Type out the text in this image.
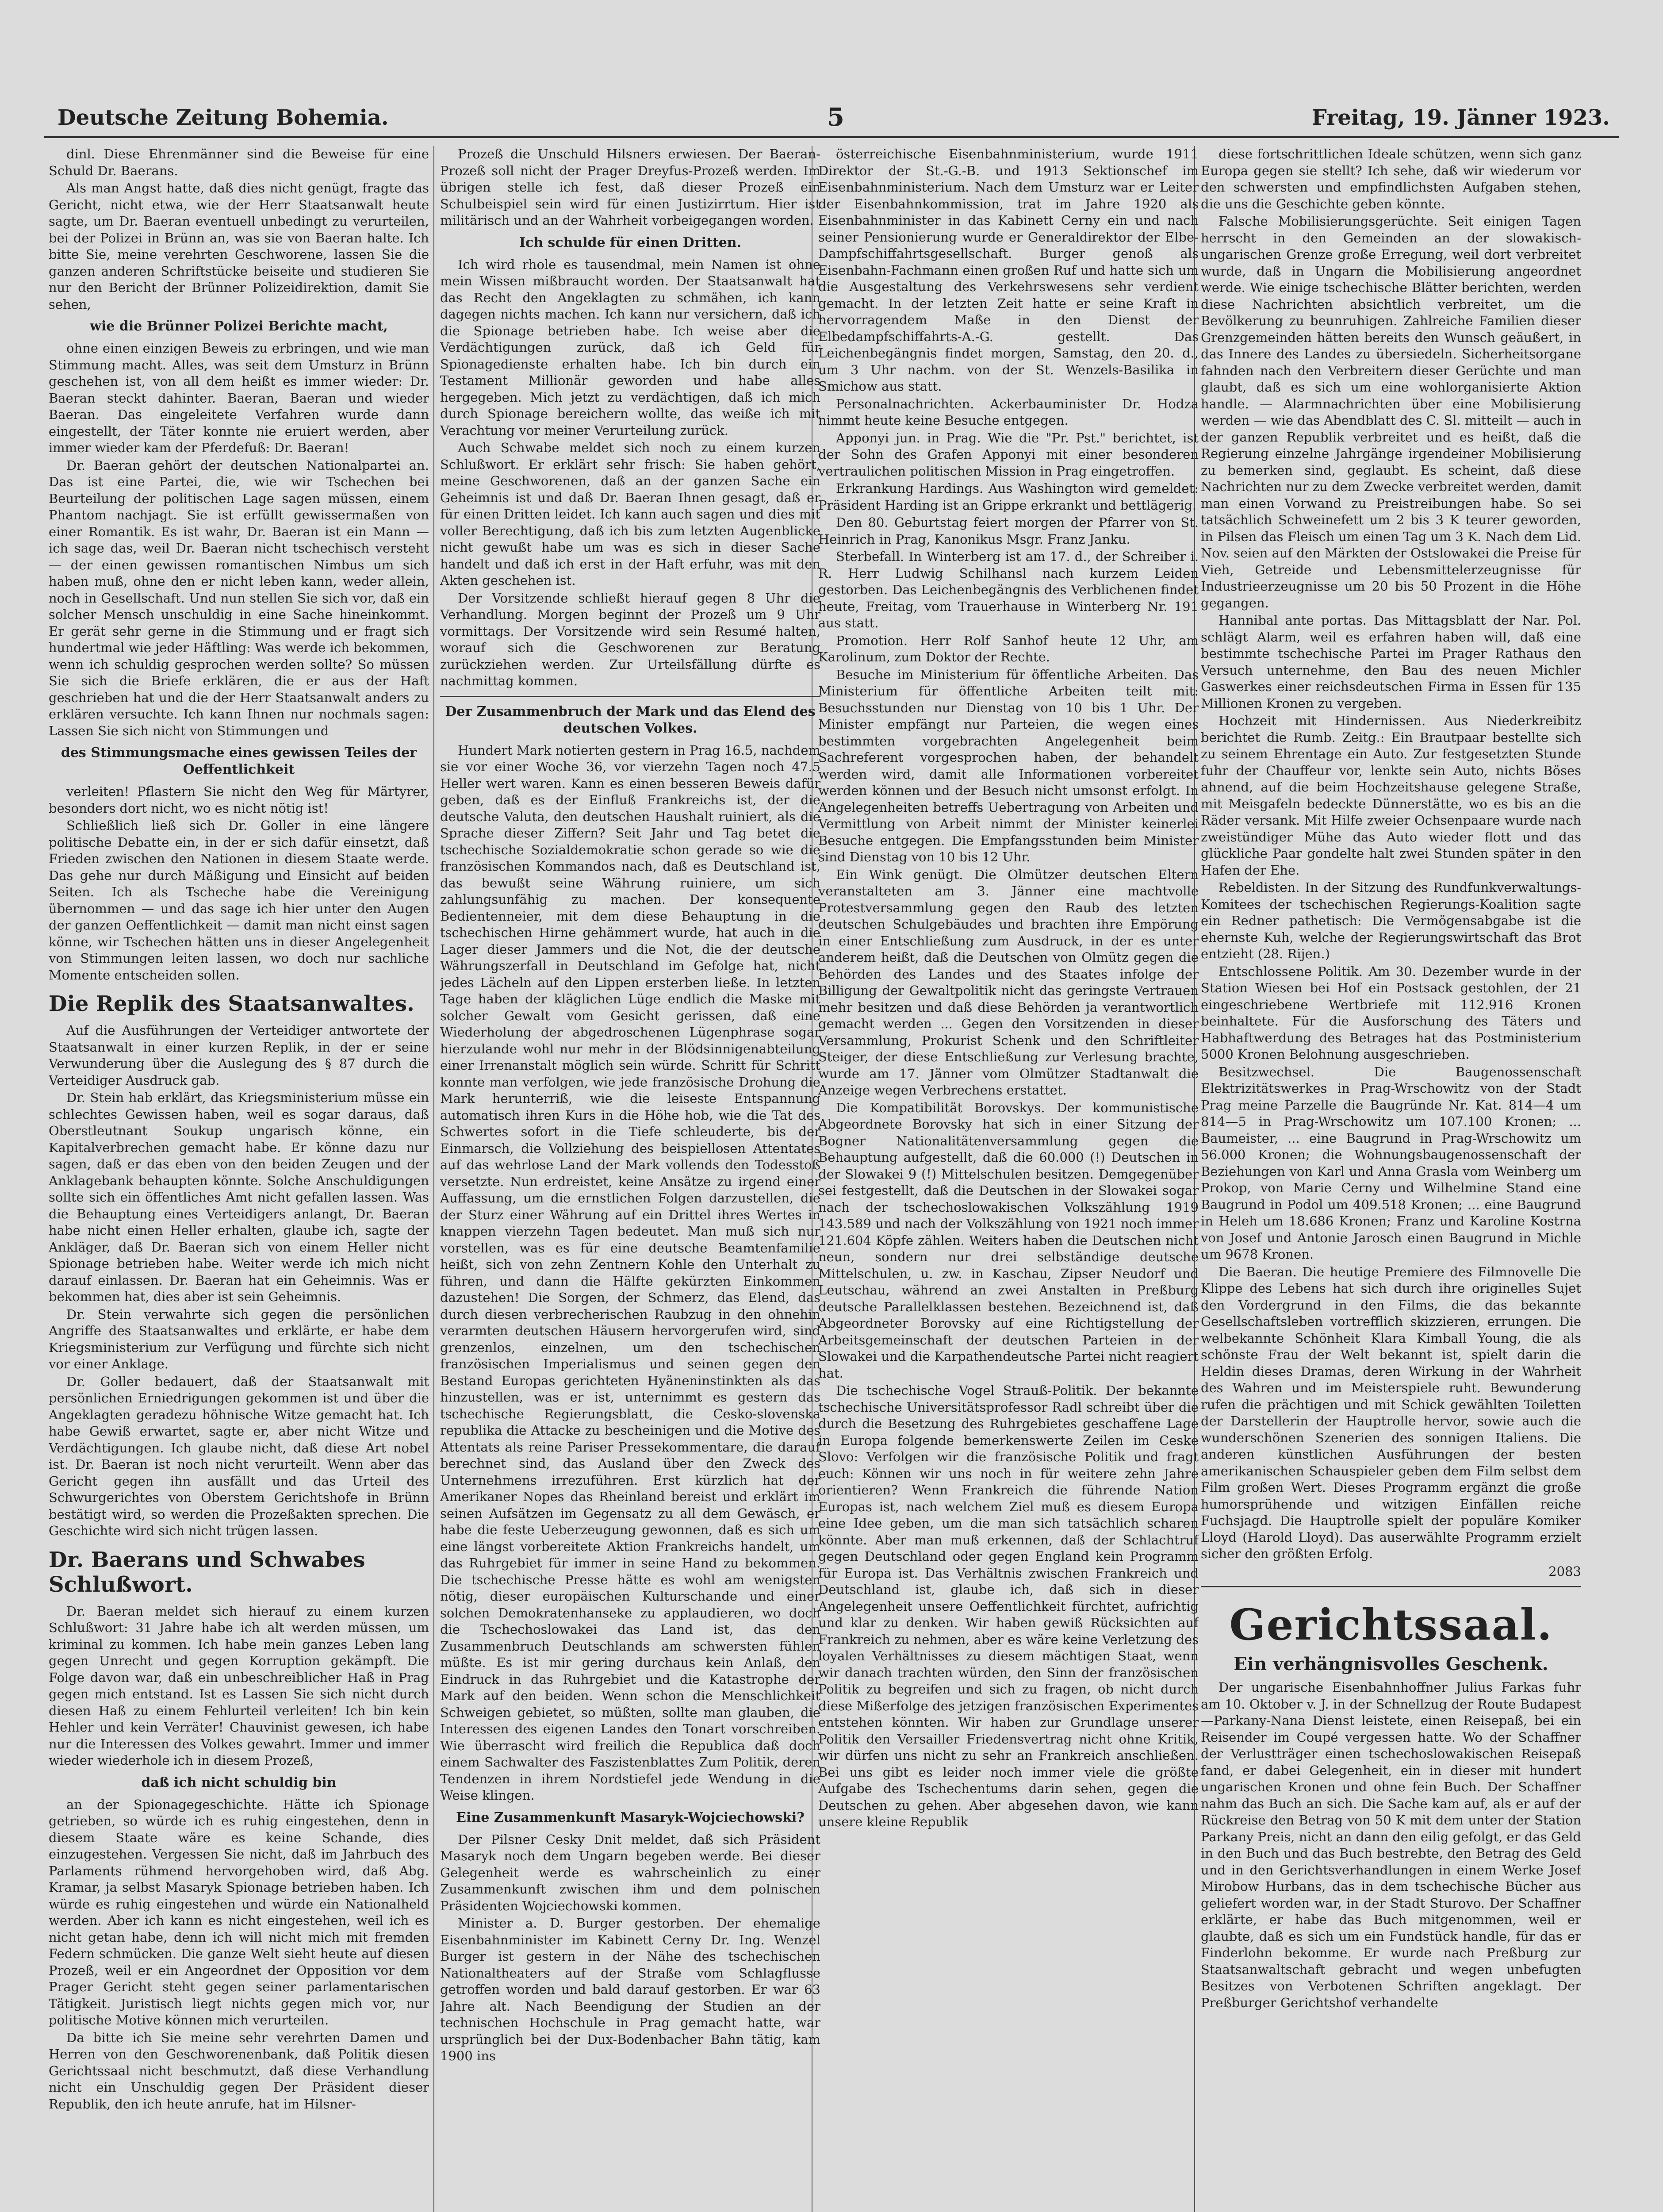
Deutsche Zeitung Bohemia.	5	Freitag, 19. Jänner 1923.

dinl. Diese Ehrenmänner sind die Beweise für eine Schuld Dr. Baerans.

Als man Angst hatte, daß dies nicht genügt, fragte das Gericht, nicht etwa, wie der Herr Staatsanwalt heute sagte, um Dr. Baeran eventuell unbedingt zu verurteilen, bei der Polizei in Brünn an, was sie von Baeran halte. Ich bitte Sie, meine verehrten Geschworene, lassen Sie die ganzen anderen Schriftstücke beiseite und studieren Sie nur den Bericht der Brünner Polizeidirektion, damit Sie sehen,

wie die Brünner Polizei Berichte macht,

ohne einen einzigen Beweis zu erbringen, und wie man Stimmung macht. Alles, was seit dem Umsturz in Brünn geschehen ist, von all dem heißt es immer wieder: Dr. Baeran steckt dahinter. Baeran, Baeran und wieder Baeran. Das eingeleitete Verfahren wurde dann eingestellt, der Täter konnte nie eruiert werden, aber immer wieder kam der Pferdefuß: Dr. Baeran!

Dr. Baeran gehört der deutschen Nationalpartei an. Das ist eine Partei, die, wie wir Tschechen bei Beurteilung der politischen Lage sagen müssen, einem Phantom nachjagt. Sie ist erfüllt gewissermaßen von einer Romantik. Es ist wahr, Dr. Baeran ist ein Mann — ich sage das, weil Dr. Baeran nicht tschechisch versteht — der einen gewissen romantischen Nimbus um sich haben muß, ohne den er nicht leben kann, weder allein, noch in Gesellschaft. Und nun stellen Sie sich vor, daß ein solcher Mensch unschuldig in eine Sache hineinkommt. Er gerät sehr gerne in die Stimmung und er fragt sich hundertmal wie jeder Häftling: Was werde ich bekommen, wenn ich schuldig gesprochen werden sollte? So müssen Sie sich die Briefe erklären, die er aus der Haft geschrieben hat und die der Herr Staatsanwalt anders zu erklären versuchte. Ich kann Ihnen nur nochmals sagen: Lassen Sie sich nicht von Stimmungen und

des Stimmungsmache eines gewissen Teiles der Oeffentlichkeit

verleiten! Pflastern Sie nicht den Weg für Märtyrer, besonders dort nicht, wo es nicht nötig ist!

Schließlich ließ sich Dr. Goller in eine längere politische Debatte ein, in der er sich dafür einsetzt, daß Frieden zwischen den Nationen in diesem Staate werde. Das gehe nur durch Mäßigung und Einsicht auf beiden Seiten. Ich als Tscheche habe die Vereinigung übernommen — und das sage ich hier unter den Augen der ganzen Oeffentlichkeit — damit man nicht einst sagen könne, wir Tschechen hätten uns in dieser Angelegenheit von Stimmungen leiten lassen, wo doch nur sachliche Momente entscheiden sollen.

Die Replik des Staatsanwaltes.

Auf die Ausführungen der Verteidiger antwortete der Staatsanwalt in einer kurzen Replik, in der er seine Verwunderung über die Auslegung des § 87 durch die Verteidiger Ausdruck gab.

Dr. Stein hab erklärt, das Kriegsministerium müsse ein schlechtes Gewissen haben, weil es sogar daraus, daß Oberstleutnant Soukup ungarisch könne, ein Kapitalverbrechen gemacht habe. Er könne dazu nur sagen, daß er das eben von den beiden Zeugen und der Anklagebank behaupten könnte. Solche Anschuldigungen sollte sich ein öffentliches Amt nicht gefallen lassen. Was die Behauptung eines Verteidigers anlangt, Dr. Baeran habe nicht einen Heller erhalten, glaube ich, sagte der Ankläger, daß Dr. Baeran sich von einem Heller nicht Spionage betrieben habe. Weiter werde ich mich nicht darauf einlassen. Dr. Baeran hat ein Geheimnis. Was er bekommen hat, dies aber ist sein Geheimnis.

Dr. Stein verwahrte sich gegen die persönlichen Angriffe des Staatsanwaltes und erklärte, er habe dem Kriegsministerium zur Verfügung und fürchte sich nicht vor einer Anklage.

Dr. Goller bedauert, daß der Staatsanwalt mit persönlichen Erniedrigungen gekommen ist und über die Angeklagten geradezu höhnische Witze gemacht hat. Ich habe Gewiß erwartet, sagte er, aber nicht Witze und Verdächtigungen. Ich glaube nicht, daß diese Art nobel ist. Dr. Baeran ist noch nicht verurteilt. Wenn aber das Gericht gegen ihn ausfällt und das Urteil des Schwurgerichtes von Oberstem Gerichtshofe in Brünn bestätigt wird, so werden die Prozeßakten sprechen. Die Geschichte wird sich nicht trügen lassen.

Dr. Baerans und Schwabes Schlußwort.

Dr. Baeran meldet sich hierauf zu einem kurzen Schlußwort: 31 Jahre habe ich alt werden müssen, um kriminal zu kommen. Ich habe mein ganzes Leben lang gegen Unrecht und gegen Korruption gekämpft. Die Folge davon war, daß ein unbeschreiblicher Haß in Prag gegen mich entstand. Ist es Lassen Sie sich nicht durch diesen Haß zu einem Fehlurteil verleiten! Ich bin kein Hehler und kein Verräter! Chauvinist gewesen, ich habe nur die Interessen des Volkes gewahrt. Immer und immer wieder wiederhole ich in diesem Prozeß,

daß ich nicht schuldig bin

an der Spionagegeschichte. Hätte ich Spionage getrieben, so würde ich es ruhig eingestehen, denn in diesem Staate wäre es keine Schande, dies einzugestehen. Vergessen Sie nicht, daß im Jahrbuch des Parlaments rühmend hervorgehoben wird, daß Abg. Kramar, ja selbst Masaryk Spionage betrieben haben. Ich würde es ruhig eingestehen und würde ein Nationalheld werden. Aber ich kann es nicht eingestehen, weil ich es nicht getan habe, denn ich will nicht mich mit fremden Federn schmücken. Die ganze Welt sieht heute auf diesen Prozeß, weil er ein Angeordnet der Opposition vor dem Prager Gericht steht gegen seiner parlamentarischen Tätigkeit. Juristisch liegt nichts gegen mich vor, nur politische Motive können mich verurteilen.

Da bitte ich Sie meine sehr verehrten Damen und Herren von den Geschworenenbank, daß Politik diesen Gerichtssaal nicht beschmutzt, daß diese Verhandlung nicht ein Unschuldig gegen Der Präsident dieser Republik, den ich heute anrufe, hat im Hilsner-

Prozeß die Unschuld Hilsners erwiesen. Der Baeran-Prozeß soll nicht der Prager Dreyfus-Prozeß werden. Im übrigen stelle ich fest, daß dieser Prozeß ein Schulbeispiel sein wird für einen Justizirrtum. Hier ist militärisch und an der Wahrheit vorbeigegangen worden.

Ich schulde für einen Dritten.

Ich wird rhole es tausendmal, mein Namen ist ohne mein Wissen mißbraucht worden. Der Staatsanwalt hat das Recht den Angeklagten zu schmähen, ich kann dagegen nichts machen. Ich kann nur versichern, daß ich die Spionage betrieben habe. Ich weise aber die Verdächtigungen zurück, daß ich Geld für Spionagedienste erhalten habe. Ich bin durch ein Testament Millionär geworden und habe alles hergegeben. Mich jetzt zu verdächtigen, daß ich mich durch Spionage bereichern wollte, das weiße ich mit Verachtung vor meiner Verurteilung zurück.

Auch Schwabe meldet sich noch zu einem kurzen Schlußwort. Er erklärt sehr frisch: Sie haben gehört, meine Geschworenen, daß an der ganzen Sache ein Geheimnis ist und daß Dr. Baeran Ihnen gesagt, daß er für einen Dritten leidet. Ich kann auch sagen und dies mit voller Berechtigung, daß ich bis zum letzten Augenblicke nicht gewußt habe um was es sich in dieser Sache handelt und daß ich erst in der Haft erfuhr, was mit den Akten geschehen ist.

Der Vorsitzende schließt hierauf gegen 8 Uhr die Verhandlung. Morgen beginnt der Prozeß um 9 Uhr vormittags. Der Vorsitzende wird sein Resumé halten, worauf sich die Geschworenen zur Beratung zurückziehen werden. Zur Urteilsfällung dürfte es nachmittag kommen.

Der Zusammenbruch der Mark und das Elend des deutschen Volkes.

Hundert Mark notierten gestern in Prag 16.5, nachdem sie vor einer Woche 36, vor vierzehn Tagen noch 47.5 Heller wert waren. Kann es einen besseren Beweis dafür geben, daß es der Einfluß Frankreichs ist, der die deutsche Valuta, den deutschen Haushalt ruiniert, als die Sprache dieser Ziffern? Seit Jahr und Tag betet die tschechische Sozialdemokratie schon gerade so wie die französischen Kommandos nach, daß es Deutschland ist, das bewußt seine Währung ruiniere, um sich zahlungsunfähig zu machen. Der konsequente Bedientenneier, mit dem diese Behauptung in die tschechischen Hirne gehämmert wurde, hat auch in die Lager dieser Jammers und die Not, die der deutsche Währungszerfall in Deutschland im Gefolge hat, nicht jedes Lächeln auf den Lippen ersterben ließe. In letzten Tage haben der kläglichen Lüge endlich die Maske mit solcher Gewalt vom Gesicht gerissen, daß eine Wiederholung der abgedroschenen Lügenphrase sogar hierzulande wohl nur mehr in der Blödsinnigenabteilung einer Irrenanstalt möglich sein würde. Schritt für Schritt konnte man verfolgen, wie jede französische Drohung die Mark herunterriß, wie die leiseste Entspannung automatisch ihren Kurs in die Höhe hob, wie die Tat des Schwertes sofort in die Tiefe schleuderte, bis der Einmarsch, die Vollziehung des beispiellosen Attentates auf das wehrlose Land der Mark vollends den Todesstoß versetzte. Nun erdreistet, keine Ansätze zu irgend einer Auffassung, um die ernstlichen Folgen darzustellen, die der Sturz einer Währung auf ein Drittel ihres Wertes in knappen vierzehn Tagen bedeutet. Man muß sich nur vorstellen, was es für eine deutsche Beamtenfamilie heißt, sich von zehn Zentnern Kohle den Unterhalt zu führen, und dann die Hälfte gekürzten Einkommen dazustehen! Die Sorgen, der Schmerz, das Elend, das durch diesen verbrecherischen Raubzug in den ohnehin verarmten deutschen Häusern hervorgerufen wird, sind grenzenlos, einzelnen, um den tschechischen französischen Imperialismus und seinen gegen den Bestand Europas gerichteten Hyäneninstinkten als das hinzustellen, was er ist, unternimmt es gestern das tschechische Regierungsblatt, die Cesko-slovenska republika die Attacke zu bescheinigen und die Motive des Attentats als reine Pariser Pressekommentare, die darauf berechnet sind, das Ausland über den Zweck des Unternehmens irrezuführen. Erst kürzlich hat der Amerikaner Nopes das Rheinland bereist und erklärt im seinen Aufsätzen im Gegensatz zu all dem Gewäsch, er habe die feste Ueberzeugung gewonnen, daß es sich um eine längst vorbereitete Aktion Frankreichs handelt, um das Ruhrgebiet für immer in seine Hand zu bekommen. Die tschechische Presse hätte es wohl am wenigsten nötig, dieser europäischen Kulturschande und einer solchen Demokratenhanseke zu applaudieren, wo doch die Tschechoslowakei das Land ist, das den Zusammenbruch Deutschlands am schwersten fühlen müßte. Es ist mir gering durchaus kein Anlaß, den Eindruck in das Ruhrgebiet und die Katastrophe der Mark auf den beiden. Wenn schon die Menschlichkeit Schweigen gebietet, so müßten, sollte man glauben, die Interessen des eigenen Landes den Tonart vorschreiben. Wie überrascht wird freilich die Republica daß doch einem Sachwalter des Faszistenblattes Zum Politik, deren Tendenzen in ihrem Nordstiefel jede Wendung in die Weise klingen.

Eine Zusammenkunft Masaryk-Wojciechowski?

Der Pilsner Cesky Dnit meldet, daß sich Präsident Masaryk noch dem Ungarn begeben werde. Bei dieser Gelegenheit werde es wahrscheinlich zu einer Zusammenkunft zwischen ihm und dem polnischen Präsidenten Wojciechowski kommen.

Minister a. D. Burger gestorben. Der ehemalige Eisenbahnminister im Kabinett Cerny Dr. Ing. Wenzel Burger ist gestern in der Nähe des tschechischen Nationaltheaters auf der Straße vom Schlagflusse getroffen worden und bald darauf gestorben. Er war 63 Jahre alt. Nach Beendigung der Studien an der technischen Hochschule in Prag gemacht hatte, war ursprünglich bei der Dux-Bodenbacher Bahn tätig, kam 1900 ins

österreichische Eisenbahnministerium, wurde 1911 Direktor der St.-G.-B. und 1913 Sektionschef im Eisenbahnministerium. Nach dem Umsturz war er Leiter der Eisenbahnkommission, trat im Jahre 1920 als Eisenbahnminister in das Kabinett Cerny ein und nach seiner Pensionierung wurde er Generaldirektor der Elbe-Dampfschiffahrtsgesellschaft. Burger genoß als Eisenbahn-Fachmann einen großen Ruf und hatte sich um die Ausgestaltung des Verkehrswesens sehr verdient gemacht. In der letzten Zeit hatte er seine Kraft in hervorragendem Maße in den Dienst der Elbedampfschiffahrts-A.-G. gestellt. Das Leichenbegängnis findet morgen, Samstag, den 20. d., um 3 Uhr nachm. von der St. Wenzels-Basilika in Smichow aus statt.

Personalnachrichten. Ackerbauminister Dr. Hodza nimmt heute keine Besuche entgegen.

Apponyi jun. in Prag. Wie die "Pr. Pst." berichtet, ist der Sohn des Grafen Apponyi mit einer besonderen vertraulichen politischen Mission in Prag eingetroffen.

Erkrankung Hardings. Aus Washington wird gemeldet: Präsident Harding ist an Grippe erkrankt und bettlägerig.

Den 80. Geburtstag feiert morgen der Pfarrer von St. Heinrich in Prag, Kanonikus Msgr. Franz Janku.

Sterbefall. In Winterberg ist am 17. d., der Schreiber i. R. Herr Ludwig Schilhansl nach kurzem Leiden gestorben. Das Leichenbegängnis des Verblichenen findet heute, Freitag, vom Trauerhause in Winterberg Nr. 191 aus statt.

Promotion. Herr Rolf Sanhof heute 12 Uhr, am Karolinum, zum Doktor der Rechte.

Besuche im Ministerium für öffentliche Arbeiten. Das Ministerium für öffentliche Arbeiten teilt mit: Besuchsstunden nur Dienstag von 10 bis 1 Uhr. Der Minister empfängt nur Parteien, die wegen eines bestimmten vorgebrachten Angelegenheit beim Sachreferent vorgesprochen haben, der behandelt werden wird, damit alle Informationen vorbereitet werden können und der Besuch nicht umsonst erfolgt. In Angelegenheiten betreffs Uebertragung von Arbeiten und Vermittlung von Arbeit nimmt der Minister keinerlei Besuche entgegen. Die Empfangsstunden beim Minister sind Dienstag von 10 bis 12 Uhr.

Ein Wink genügt. Die Olmützer deutschen Eltern veranstalteten am 3. Jänner eine machtvolle Protestversammlung gegen den Raub des letzten deutschen Schulgebäudes und brachten ihre Empörung in einer Entschließung zum Ausdruck, in der es unter anderem heißt, daß die Deutschen von Olmütz gegen die Behörden des Landes und des Staates infolge der Billigung der Gewaltpolitik nicht das geringste Vertrauen mehr besitzen und daß diese Behörden ja verantwortlich gemacht werden ... Gegen den Vorsitzenden in dieser Versammlung, Prokurist Schenk und den Schriftleiter Steiger, der diese Entschließung zur Verlesung brachte, wurde am 17. Jänner vom Olmützer Stadtanwalt die Anzeige wegen Verbrechens erstattet.

Die Kompatibilität Borovskys. Der kommunistische Abgeordnete Borovsky hat sich in einer Sitzung der Bogner Nationalitätenversammlung gegen die Behauptung aufgestellt, daß die 60.000 (!) Deutschen in der Slowakei 9 (!) Mittelschulen besitzen. Demgegenüber sei festgestellt, daß die Deutschen in der Slowakei sogar nach der tschechoslowakischen Volkszählung 1919 143.589 und nach der Volkszählung von 1921 noch immer 121.604 Köpfe zählen. Weiters haben die Deutschen nicht neun, sondern nur drei selbständige deutsche Mittelschulen, u. zw. in Kaschau, Zipser Neudorf und Leutschau, während an zwei Anstalten in Preßburg deutsche Parallelklassen bestehen. Bezeichnend ist, daß Abgeordneter Borovsky auf eine Richtigstellung der Arbeitsgemeinschaft der deutschen Parteien in der Slowakei und die Karpathendeutsche Partei nicht reagiert hat.

Die tschechische Vogel Strauß-Politik. Der bekannte tschechische Universitätsprofessor Radl schreibt über die durch die Besetzung des Ruhrgebietes geschaffene Lage in Europa folgende bemerkenswerte Zeilen im Ceske Slovo: Verfolgen wir die französische Politik und fragt euch: Können wir uns noch in für weitere zehn Jahre orientieren? Wenn Frankreich die führende Nation Europas ist, nach welchem Ziel muß es diesem Europa eine Idee geben, um die man sich tatsächlich scharen könnte. Aber man muß erkennen, daß der Schlachtruf gegen Deutschland oder gegen England kein Programm für Europa ist. Das Verhältnis zwischen Frankreich und Deutschland ist, glaube ich, daß sich in dieser Angelegenheit unsere Oeffentlichkeit fürchtet, aufrichtig und klar zu denken. Wir haben gewiß Rücksichten auf Frankreich zu nehmen, aber es wäre keine Verletzung des loyalen Verhältnisses zu diesem mächtigen Staat, wenn wir danach trachten würden, den Sinn der französischen Politik zu begreifen und sich zu fragen, ob nicht durch diese Mißerfolge des jetzigen französischen Experimentes entstehen könnten. Wir haben zur Grundlage unserer Politik den Versailler Friedensvertrag nicht ohne Kritik, wir dürfen uns nicht zu sehr an Frankreich anschließen. Bei uns gibt es leider noch immer viele die größte Aufgabe des Tschechentums darin sehen, gegen die Deutschen zu gehen. Aber abgesehen davon, wie kann unsere kleine Republik

diese fortschrittlichen Ideale schützen, wenn sich ganz Europa gegen sie stellt? Ich sehe, daß wir wiederum vor den schwersten und empfindlichsten Aufgaben stehen, die uns die Geschichte geben könnte.

Falsche Mobilisierungsgerüchte. Seit einigen Tagen herrscht in den Gemeinden an der slowakisch-ungarischen Grenze große Erregung, weil dort verbreitet wurde, daß in Ungarn die Mobilisierung angeordnet werde. Wie einige tschechische Blätter berichten, werden diese Nachrichten absichtlich verbreitet, um die Bevölkerung zu beunruhigen. Zahlreiche Familien dieser Grenzgemeinden hätten bereits den Wunsch geäußert, in das Innere des Landes zu übersiedeln. Sicherheitsorgane fahnden nach den Verbreitern dieser Gerüchte und man glaubt, daß es sich um eine wohlorganisierte Aktion handle. — Alarmnachrichten über eine Mobilisierung werden — wie das Abendblatt des C. Sl. mitteilt — auch in der ganzen Republik verbreitet und es heißt, daß die Regierung einzelne Jahrgänge irgendeiner Mobilisierung zu bemerken sind, geglaubt. Es scheint, daß diese Nachrichten nur zu dem Zwecke verbreitet werden, damit man einen Vorwand zu Preistreibungen habe. So sei tatsächlich Schweinefett um 2 bis 3 K teurer geworden, in Pilsen das Fleisch um einen Tag um 3 K. Nach dem Lid. Nov. seien auf den Märkten der Ostslowakei die Preise für Vieh, Getreide und Lebensmittelerzeugnisse für Industrieerzeugnisse um 20 bis 50 Prozent in die Höhe gegangen.

Hannibal ante portas. Das Mittagsblatt der Nar. Pol. schlägt Alarm, weil es erfahren haben will, daß eine bestimmte tschechische Partei im Prager Rathaus den Versuch unternehme, den Bau des neuen Michler Gaswerkes einer reichsdeutschen Firma in Essen für 135 Millionen Kronen zu vergeben.

Hochzeit mit Hindernissen. Aus Niederkreibitz berichtet die Rumb. Zeitg.: Ein Brautpaar bestellte sich zu seinem Ehrentage ein Auto. Zur festgesetzten Stunde fuhr der Chauffeur vor, lenkte sein Auto, nichts Böses ahnend, auf die beim Hochzeitshause gelegene Straße, mit Meisgafeln bedeckte Dünnerstätte, wo es bis an die Räder versank. Mit Hilfe zweier Ochsenpaare wurde nach zweistündiger Mühe das Auto wieder flott und das glückliche Paar gondelte halt zwei Stunden später in den Hafen der Ehe.

Rebeldisten. In der Sitzung des Rundfunkverwaltungs-Komitees der tschechischen Regierungs-Koalition sagte ein Redner pathetisch: Die Vermögensabgabe ist die ehernste Kuh, welche der Regierungswirtschaft das Brot entzieht (28. Rijen.)

Entschlossene Politik. Am 30. Dezember wurde in der Station Wiesen bei Hof ein Postsack gestohlen, der 21 eingeschriebene Wertbriefe mit 112.916 Kronen beinhaltete. Für die Ausforschung des Täters und Habhaftwerdung des Betrages hat das Postministerium 5000 Kronen Belohnung ausgeschrieben.

Besitzwechsel. Die Baugenossenschaft Elektrizitätswerkes in Prag-Wrschowitz von der Stadt Prag meine Parzelle die Baugründe Nr. Kat. 814—4 um 814—5 in Prag-Wrschowitz um 107.100 Kronen; ... Baumeister, ... eine Baugrund in Prag-Wrschowitz um 56.000 Kronen; die Wohnungsbaugenossenschaft der Beziehungen von Karl und Anna Grasla vom Weinberg um Prokop, von Marie Cerny und Wilhelmine Stand eine Baugrund in Podol um 409.518 Kronen; ... eine Baugrund in Heleh um 18.686 Kronen; Franz und Karoline Kostrna von Josef und Antonie Jarosch einen Baugrund in Michle um 9678 Kronen.

Die Baeran. Die heutige Premiere des Filmnovelle Die Klippe des Lebens hat sich durch ihre originelles Sujet den Vordergrund in den Films, die das bekannte Gesellschaftsleben vortrefflich skizzieren, errungen. Die welbekannte Schönheit Klara Kimball Young, die als schönste Frau der Welt bekannt ist, spielt darin die Heldin dieses Dramas, deren Wirkung in der Wahrheit des Wahren und im Meisterspiele ruht. Bewunderung rufen die prächtigen und mit Schick gewählten Toiletten der Darstellerin der Hauptrolle hervor, sowie auch die wunderschönen Szenerien des sonnigen Italiens. Die anderen künstlichen Ausführungen der besten amerikanischen Schauspieler geben dem Film selbst dem Film großen Wert. Dieses Programm ergänzt die große humorsprühende und witzigen Einfällen reiche Fuchsjagd. Die Hauptrolle spielt der populäre Komiker Lloyd (Harold Lloyd). Das auserwählte Programm erzielt sicher den größten Erfolg.

2083
Gerichtssaal.
Ein verhängnisvolles Geschenk.

Der ungarische Eisenbahnhoffner Julius Farkas fuhr am 10. Oktober v. J. in der Schnellzug der Route Budapest—Parkany-Nana Dienst leistete, einen Reisepaß, bei ein Reisender im Coupé vergessen hatte. Wo der Schaffner der Verlustträger einen tschechoslowakischen Reisepaß fand, er dabei Gelegenheit, ein in dieser mit hundert ungarischen Kronen und ohne fein Buch. Der Schaffner nahm das Buch an sich. Die Sache kam auf, als er auf der Rückreise den Betrag von 50 K mit dem unter der Station Parkany Preis, nicht an dann den eilig gefolgt, er das Geld in den Buch und das Buch bestrebte, den Betrag des Geld und in den Gerichtsverhandlungen in einem Werke Josef Mirobow Hurbans, das in dem tschechische Bücher aus geliefert worden war, in der Stadt Sturovo. Der Schaffner erklärte, er habe das Buch mitgenommen, weil er glaubte, daß es sich um ein Fundstück handle, für das er Finderlohn bekomme. Er wurde nach Preßburg zur Staatsanwaltschaft gebracht und wegen unbefugten Besitzes von Verbotenen Schriften angeklagt. Der Preßburger Gerichtshof verhandelte
